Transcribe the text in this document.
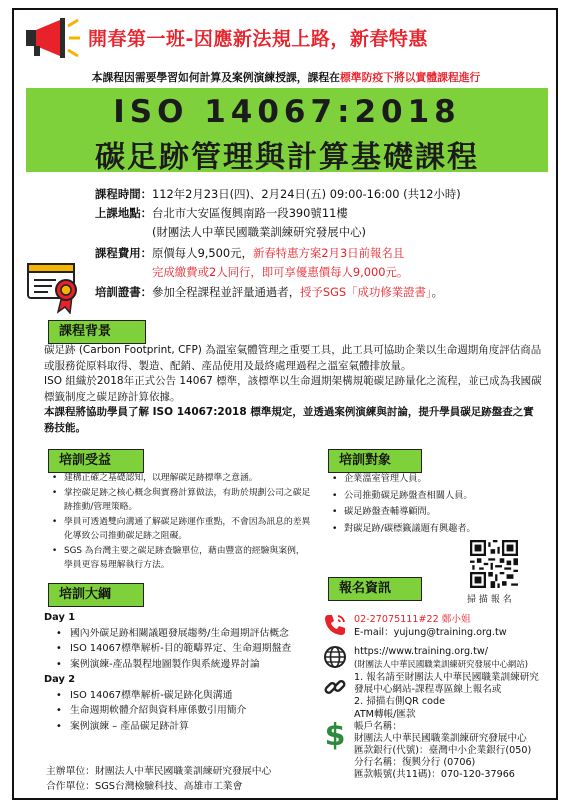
開春第一班-因應新法規上路，新春特惠
本課程因需要學習如何計算及案例演練授課，課程在標準防疫下將以實體課程進行
ISO 14067:2018
碳足跡管理與計算基礎課程
課程時間：112年2月23日(四)、2月24日(五) 09:00-16:00 (共12小時)
上課地點：台北市大安區復興南路一段390號11樓
(財團法人中華民國職業訓練研究發展中心)
課程費用：原價每人9,500元，新春特惠方案2月3日前報名且
完成繳費或2人同行，即可享優惠價每人9,000元。
培訓證書：參加全程課程並評量通過者，授予SGS「成功修業證書」。
課程背景

碳足跡 (Carbon Footprint, CFP) 為溫室氣體管理之重要工具，此工具可協助企業以生命週期角度評估商品或服務從原料取得、製造、配銷、產品使用及最終處理過程之溫室氣體排放量。

ISO 組織於2018年正式公告 14067 標準，該標準以生命週期架構規範碳足跡量化之流程，並已成為我國碳標籤制度之碳足跡計算依據。

本課程將協助學員了解 ISO 14067:2018 標準規定，並透過案例演練與討論，提升學員碳足跡盤查之實務技能。

培訓受益
• 建構正確之基礎認知，以理解碳足跡標準之意涵。
• 掌控碳足跡之核心概念與實務計算做法，有助於規劃公司之碳足跡推動/管理策略。
• 學員可透過雙向溝通了解碳足跡運作重點，不會因為訊息的差異化導致公司推動碳足跡之阻礙。
• SGS 為台灣主要之碳足跡查驗單位，藉由豐富的經驗與案例，學員更容易理解執行方法。
培訓對象
• 企業溫室管理人員。
• 公司推動碳足跡盤查相關人員。
• 碳足跡盤查輔導顧問。
• 對碳足跡/碳標籤議題有興趣者。
掃 描 報 名
培訓大綱
Day 1
• 國內外碳足跡相關議題發展趨勢/生命週期評估概念
• ISO 14067標準解析-目的範疇界定、生命週期盤查
• 案例演練-產品製程地圖製作與系統邊界討論
Day 2
• ISO 14067標準解析-碳足跡化與溝通
• 生命週期軟體介紹與資料庫係數引用簡介
• 案例演練 – 產品碳足跡計算
主辦單位：財團法人中華民國職業訓練研究發展中心
合作單位：SGS台灣檢驗科技、高雄市工業會
報名資訊
02-27075111#22 鄭小姐
E-mail：yujung@training.org.tw
https://www.training.org.tw/
(財團法人中華民國職業訓練研究發展中心網站)
1. 報名請至財團法人中華民國職業訓練研究
發展中心網站-課程專區線上報名或
2. 掃描右側QR code
$
ATM轉帳/匯款
帳戶名稱：
財團法人中華民國職業訓練研究發展中心
匯款銀行(代號)：臺灣中小企業銀行(050)
分行名稱：復興分行 (0706)
匯款帳號(共11碼)：070-120-37966
